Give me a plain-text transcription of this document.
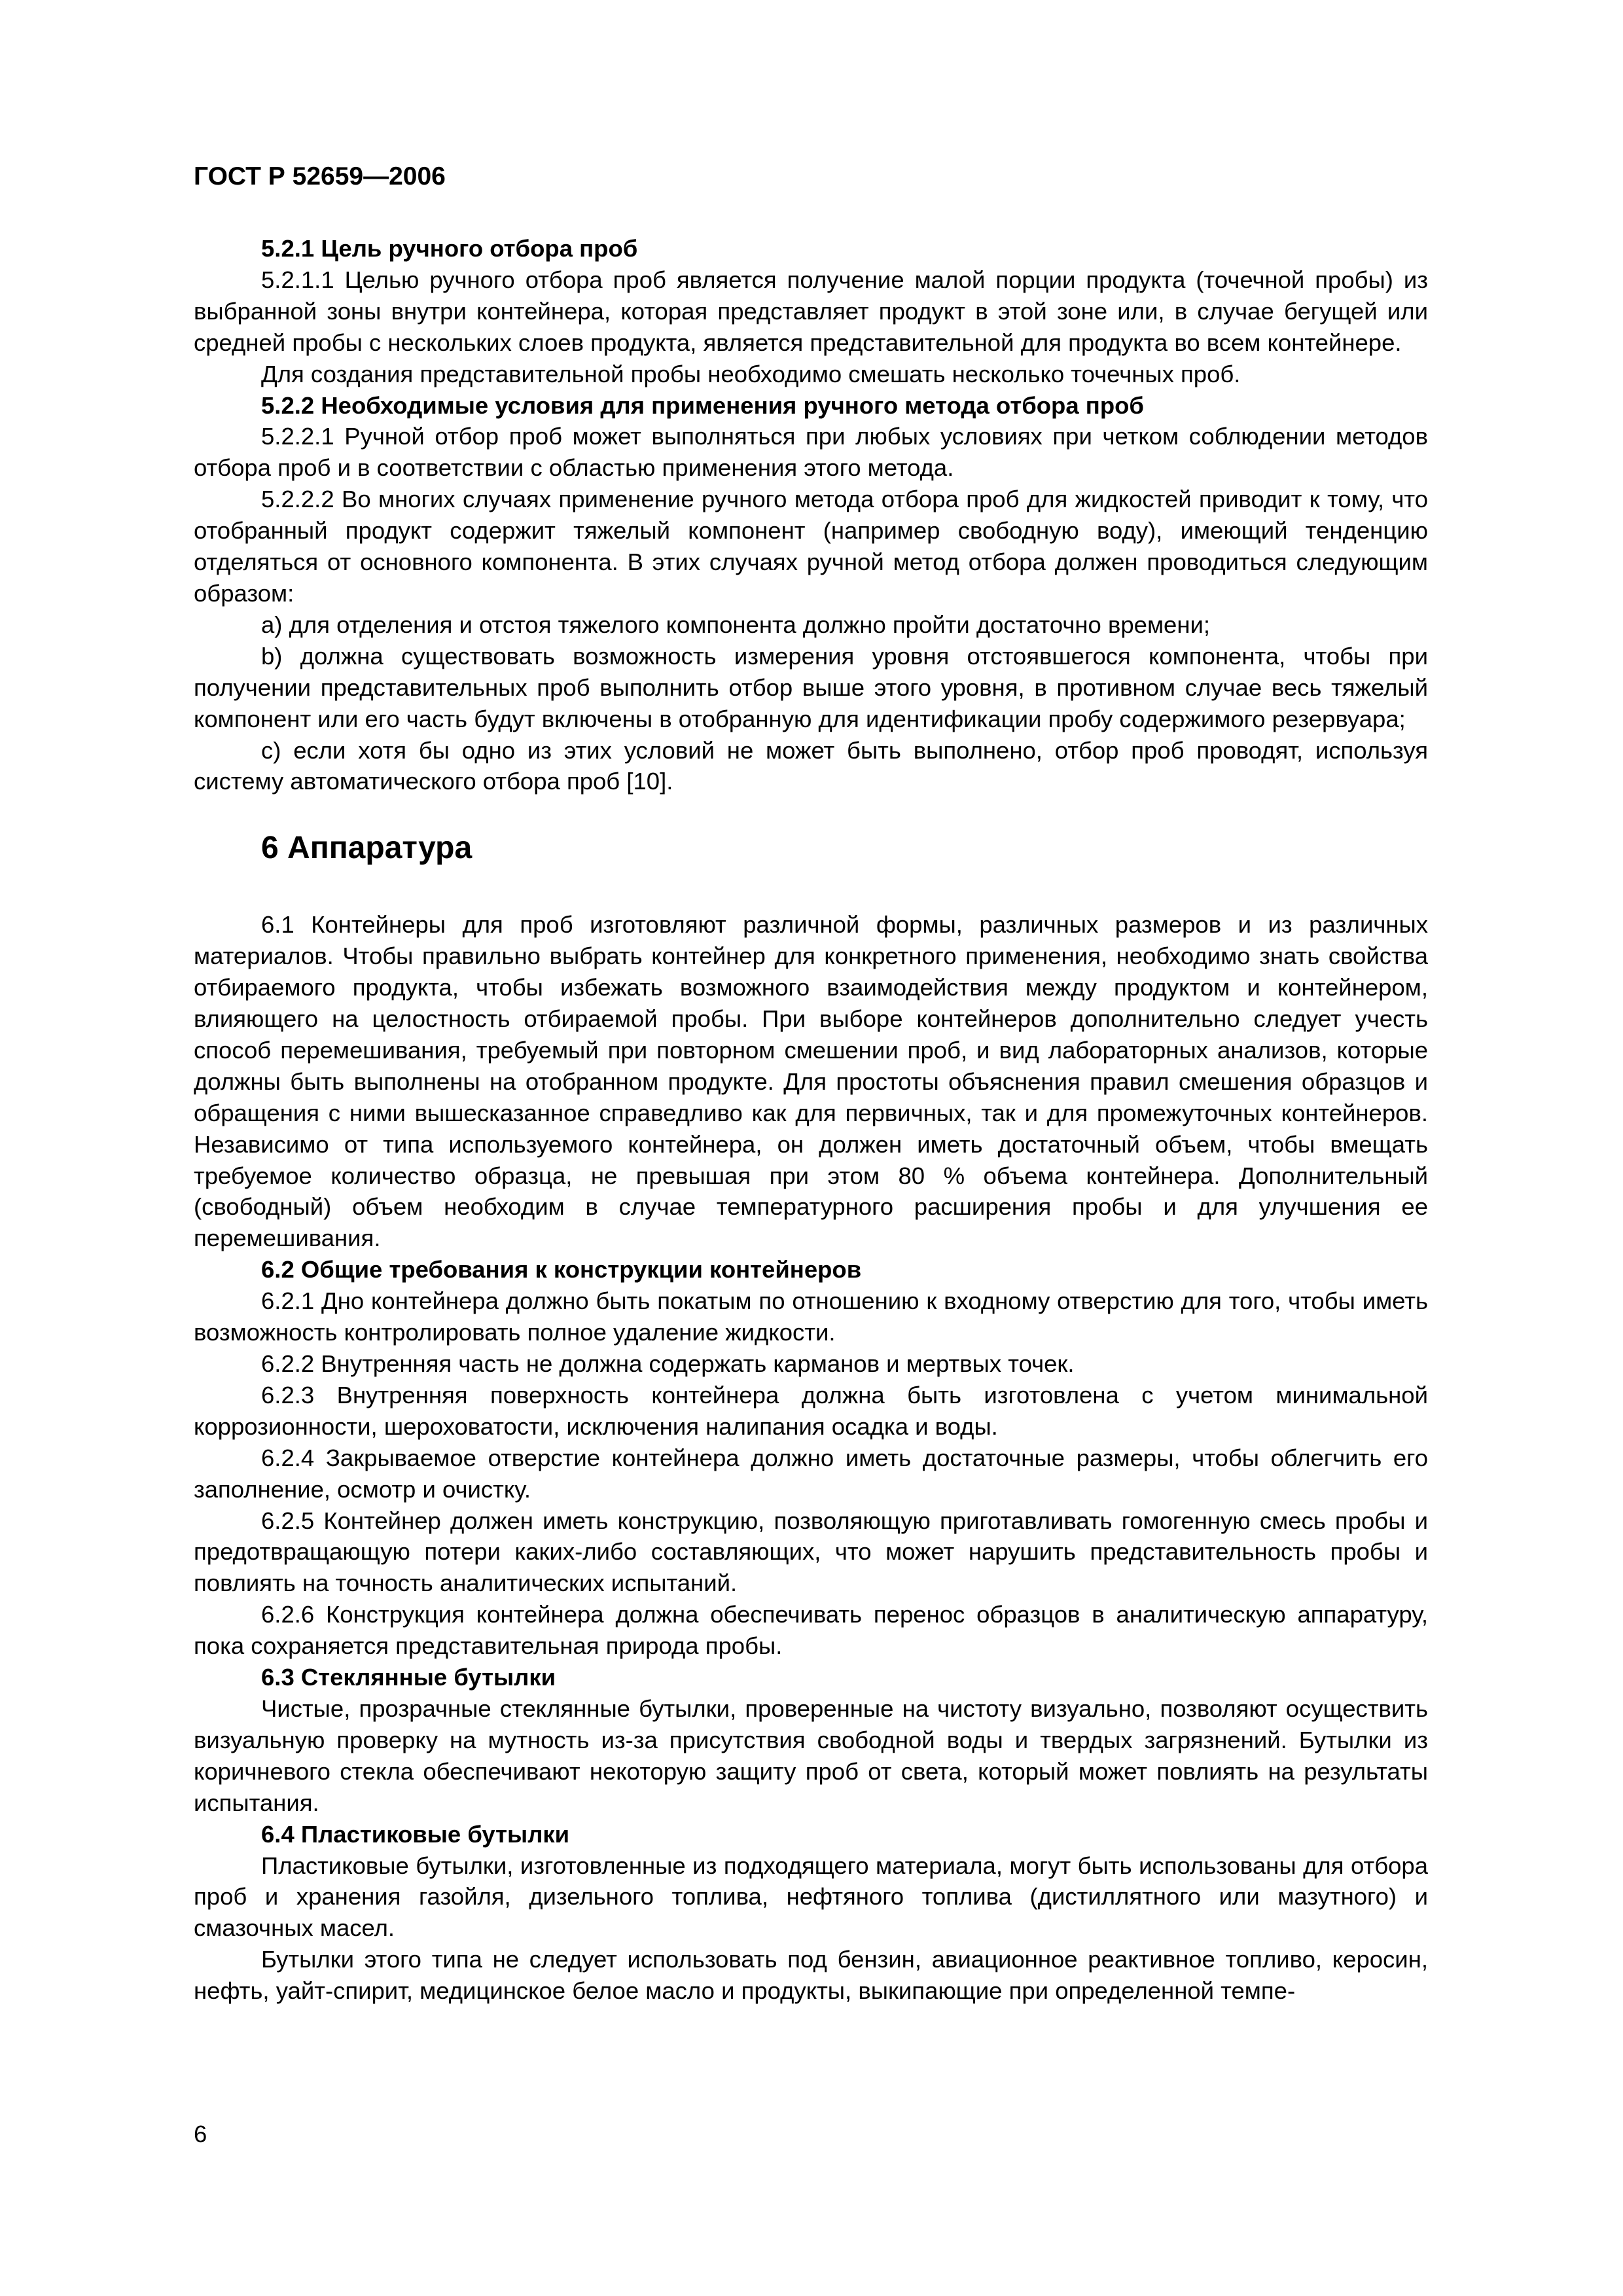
ГОСТ Р 52659—2006

5.2.1 Цель ручного отбора проб

5.2.1.1 Целью ручного отбора проб является получение малой порции продукта (точечной пробы) из выбранной зоны внутри контейнера, которая представляет продукт в этой зоне или, в случае бегущей или средней пробы с нескольких слоев продукта, является представительной для продукта во всем контейнере.

Для создания представительной пробы необходимо смешать несколько точечных проб.

5.2.2 Необходимые условия для применения ручного метода отбора проб

5.2.2.1 Ручной отбор проб может выполняться при любых условиях при четком соблюдении методов отбора проб и в соответствии с областью применения этого метода.

5.2.2.2 Во многих случаях применение ручного метода отбора проб для жидкостей приводит к тому, что отобранный продукт содержит тяжелый компонент (например свободную воду), имеющий тенденцию отделяться от основного компонента. В этих случаях ручной метод отбора должен проводиться следующим образом:

a) для отделения и отстоя тяжелого компонента должно пройти достаточно времени;

b) должна существовать возможность измерения уровня отстоявшегося компонента, чтобы при получении представительных проб выполнить отбор выше этого уровня, в противном случае весь тяжелый компонент или его часть будут включены в отобранную для идентификации пробу содержимого резервуара;

c) если хотя бы одно из этих условий не может быть выполнено, отбор проб проводят, используя систему автоматического отбора проб [10].

6 Аппаратура

6.1 Контейнеры для проб изготовляют различной формы, различных размеров и из различных материалов. Чтобы правильно выбрать контейнер для конкретного применения, необходимо знать свойства отбираемого продукта, чтобы избежать возможного взаимодействия между продуктом и контейнером, влияющего на целостность отбираемой пробы. При выборе контейнеров дополнительно следует учесть способ перемешивания, требуемый при повторном смешении проб, и вид лабораторных анализов, которые должны быть выполнены на отобранном продукте. Для простоты объяснения правил смешения образцов и обращения с ними вышесказанное справедливо как для первичных, так и для промежуточных контейнеров. Независимо от типа используемого контейнера, он должен иметь достаточный объем, чтобы вмещать требуемое количество образца, не превышая при этом 80 % объема контейнера. Дополнительный (свободный) объем необходим в случае температурного расширения пробы и для улучшения ее перемешивания.

6.2 Общие требования к конструкции контейнеров

6.2.1 Дно контейнера должно быть покатым по отношению к входному отверстию для того, чтобы иметь возможность контролировать полное удаление жидкости.

6.2.2 Внутренняя часть не должна содержать карманов и мертвых точек.

6.2.3 Внутренняя поверхность контейнера должна быть изготовлена с учетом минимальной коррозионности, шероховатости, исключения налипания осадка и воды.

6.2.4 Закрываемое отверстие контейнера должно иметь достаточные размеры, чтобы облегчить его заполнение, осмотр и очистку.

6.2.5 Контейнер должен иметь конструкцию, позволяющую приготавливать гомогенную смесь пробы и предотвращающую потери каких-либо составляющих, что может нарушить представительность пробы и повлиять на точность аналитических испытаний.

6.2.6 Конструкция контейнера должна обеспечивать перенос образцов в аналитическую аппаратуру, пока сохраняется представительная природа пробы.

6.3 Стеклянные бутылки

Чистые, прозрачные стеклянные бутылки, проверенные на чистоту визуально, позволяют осуществить визуальную проверку на мутность из-за присутствия свободной воды и твердых загрязнений. Бутылки из коричневого стекла обеспечивают некоторую защиту проб от света, который может повлиять на результаты испытания.

6.4 Пластиковые бутылки

Пластиковые бутылки, изготовленные из подходящего материала, могут быть использованы для отбора проб и хранения газойля, дизельного топлива, нефтяного топлива (дистиллятного или мазутного) и смазочных масел.

Бутылки этого типа не следует использовать под бензин, авиационное реактивное топливо, керосин, нефть, уайт-спирит, медицинское белое масло и продукты, выкипающие при определенной темпе-

6
